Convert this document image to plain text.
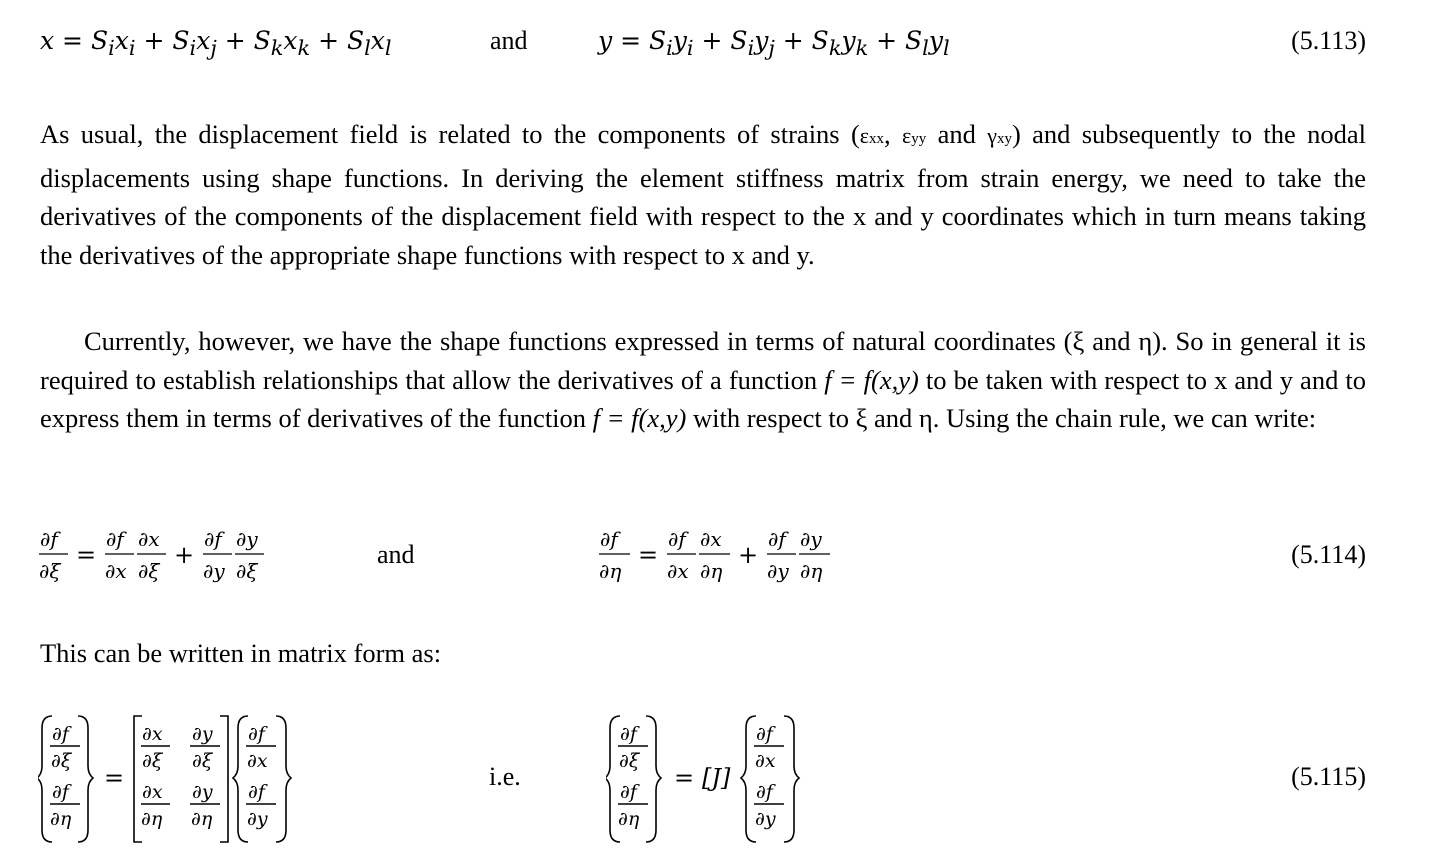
$x = S_ix_i + S_ix_j + S_kx_k + S_lx_l$	and	$y = S_iy_i + S_iy_j + S_ky_k + S_ly_l$	(5.113)

As usual, the displacement field is related to the components of strains (εxx, εyy and γxy) and subsequently to the nodal displacements using shape functions. In deriving the element stiffness matrix from strain energy, we need to take the derivatives of the components of the displacement field with respect to the x and y coordinates which in turn means taking the derivatives of the appropriate shape functions with respect to x and y.

Currently, however, we have the shape functions expressed in terms of natural coordinates (ξ and η). So in general it is required to establish relationships that allow the derivatives of a function f = f(x,y) to be taken with respect to x and y and to express them in terms of derivatives of the function f = f(x,y) with respect to ξ and η. Using the chain rule, we can write:

∂f
∂ξ
=
∂f
∂x
∂x
∂ξ
+
∂f
∂y
∂y
∂ξ
and
∂f
∂η
=
∂f
∂x
∂x
∂η
+
∂f
∂y
∂y
∂η
(5.114)

This can be written in matrix form as:

∂f
∂ξ
∂f
∂η
=
∂x
∂ξ
∂y
∂ξ
∂x
∂η
∂y
∂η
∂f
∂x
∂f
∂y
i.e.
∂f
∂ξ
∂f
∂η
= [J]
∂f
∂x
∂f
∂y
(5.115)
